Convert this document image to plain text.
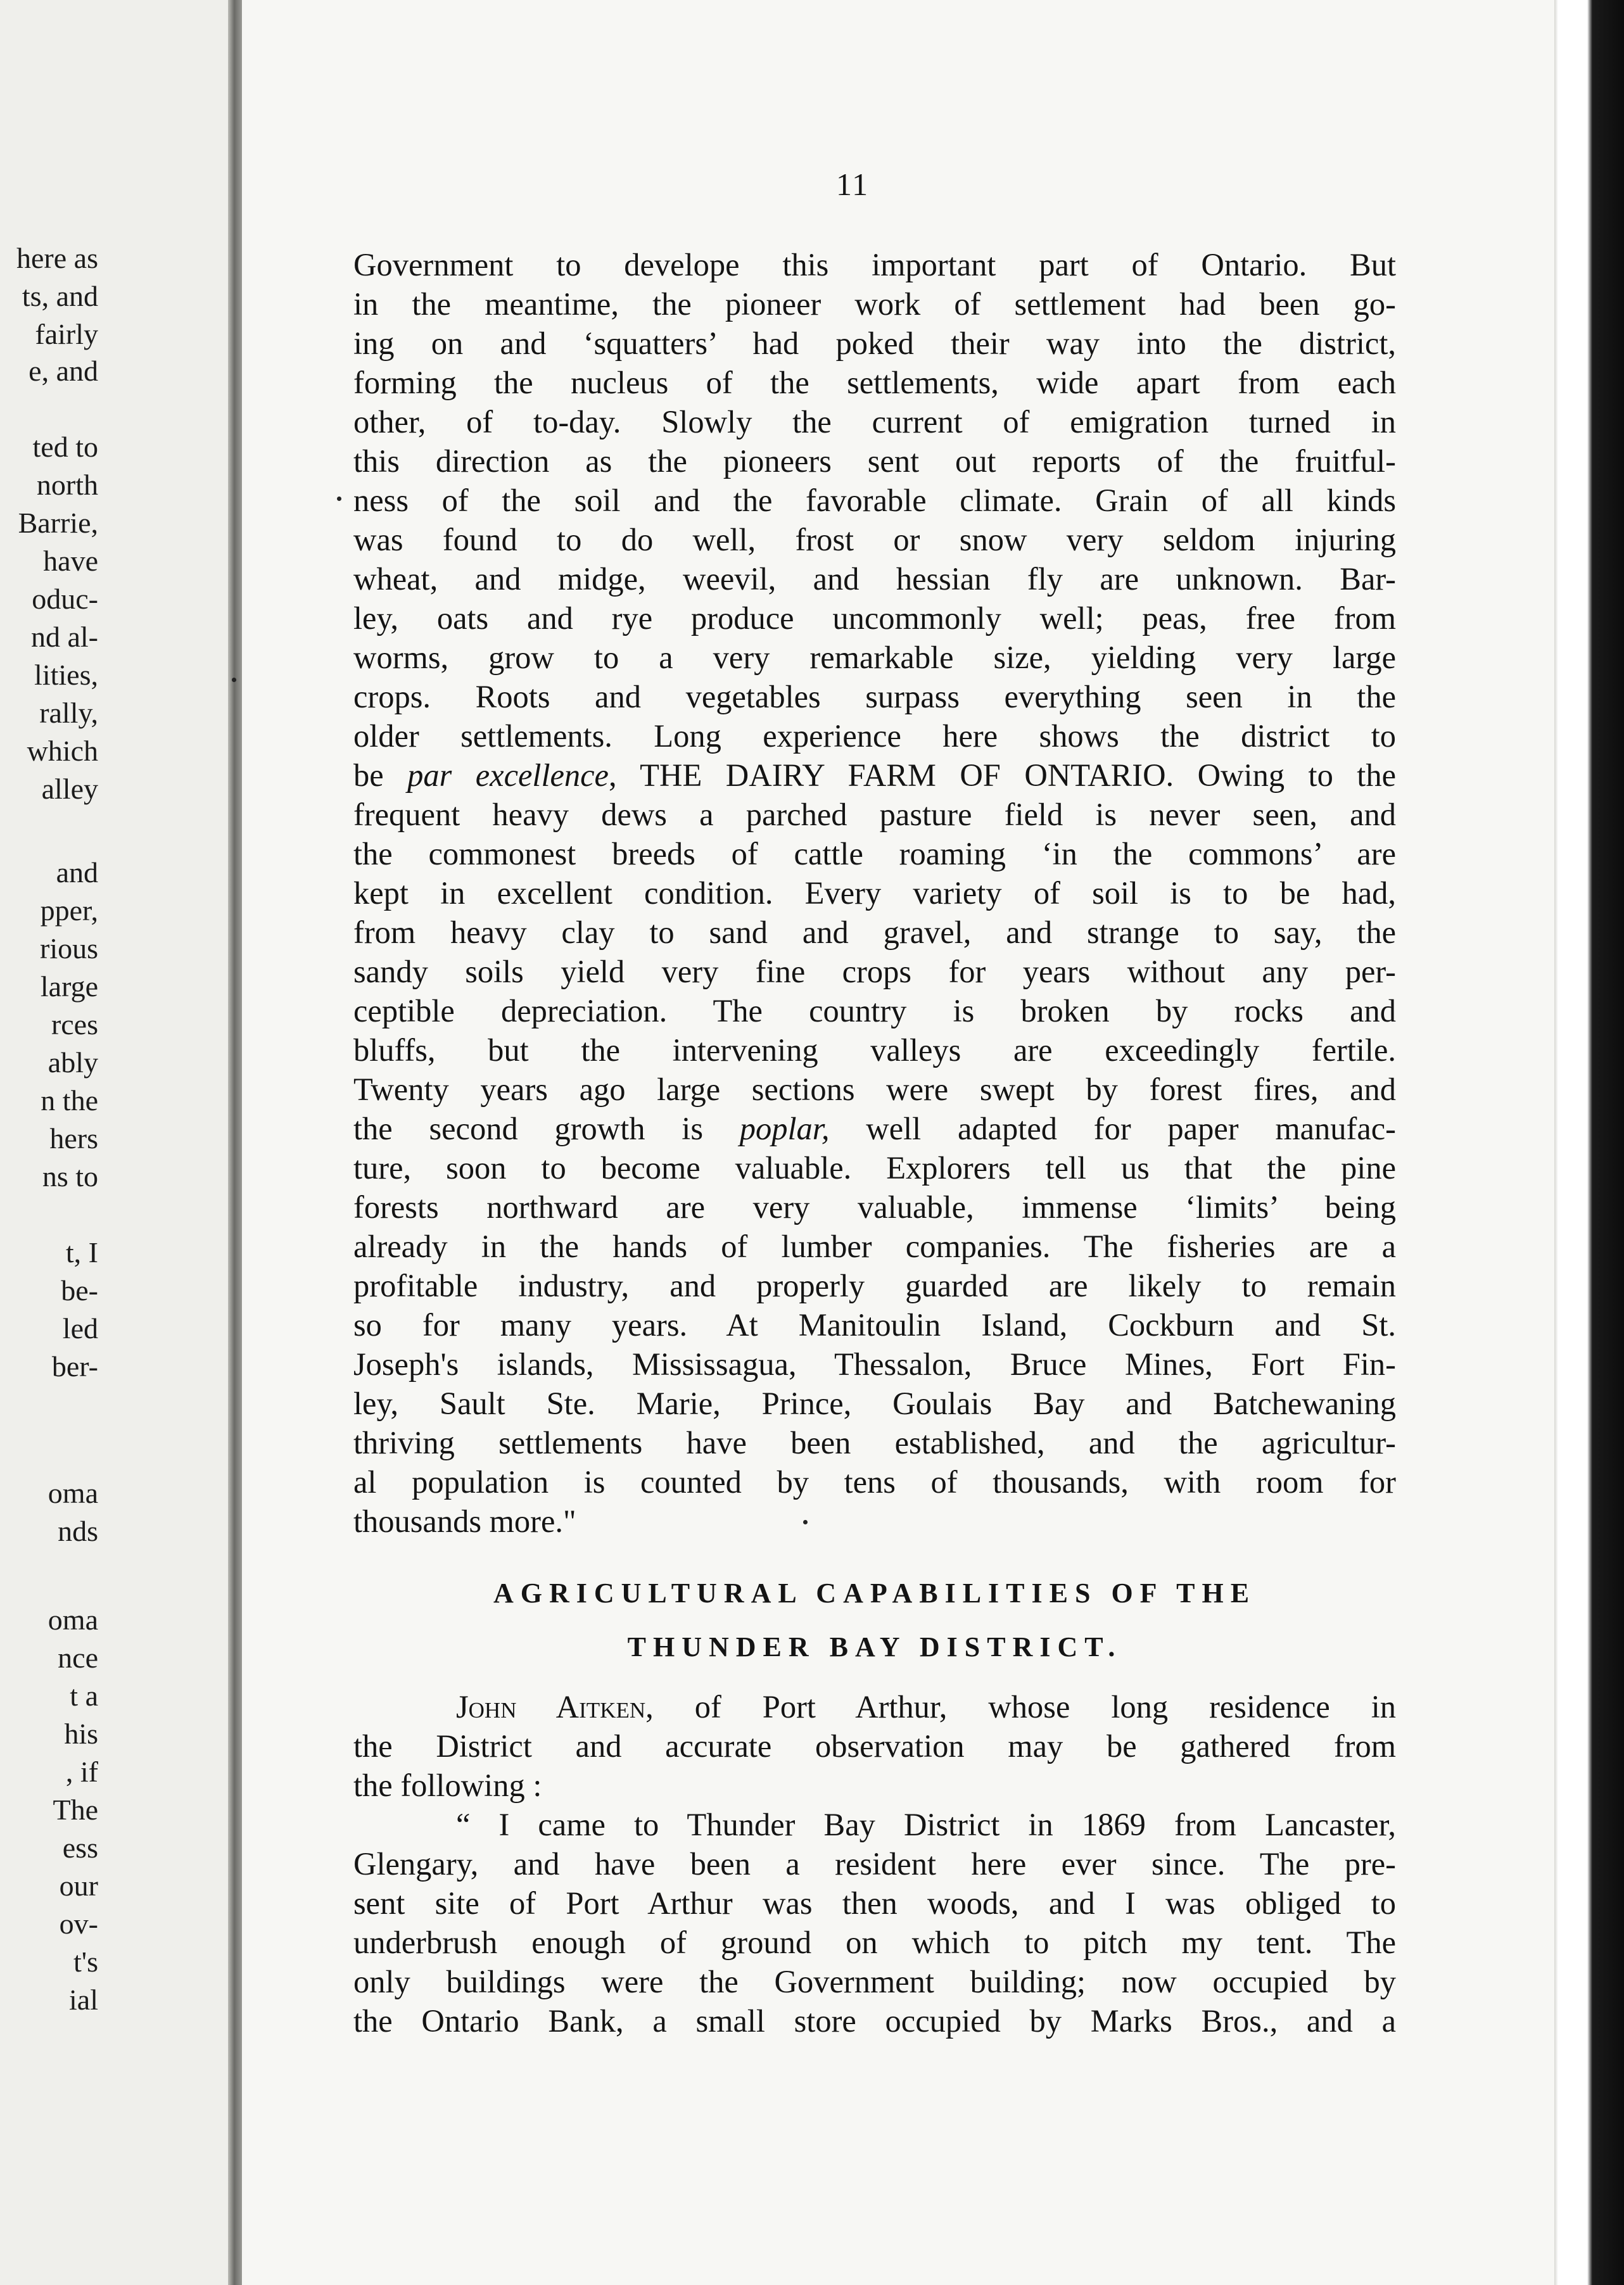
here as
ts, and
fairly
e, and
ted to
north
Barrie,
have
oduc-
nd al-
lities,
rally,
which
alley
and
pper,
rious
large
rces
ably
n the
hers
ns to
t, I
be-
led
ber-
oma
nds
oma
nce
t a
his
, if
The
ess
our
ov-
t's
ial
11
Government to develope this important part of Ontario. But
in the meantime, the pioneer work of settlement had been go-
ing on and ‘squatters’ had poked their way into the district,
forming the nucleus of the settlements, wide apart from each
other, of to-day. Slowly the current of emigration turned in
this direction as the pioneers sent out reports of the fruitful-
ness of the soil and the favorable climate. Grain of all kinds
was found to do well, frost or snow very seldom injuring
wheat, and midge, weevil, and hessian fly are unknown. Bar-
ley, oats and rye produce uncommonly well; peas, free from
worms, grow to a very remarkable size, yielding very large
crops. Roots and vegetables surpass everything seen in the
older settlements. Long experience here shows the district to
be par excellence, THE DAIRY FARM OF ONTARIO. Owing to the
frequent heavy dews a parched pasture field is never seen, and
the commonest breeds of cattle roaming ‘in the commons’ are
kept in excellent condition. Every variety of soil is to be had,
from heavy clay to sand and gravel, and strange to say, the
sandy soils yield very fine crops for years without any per-
ceptible depreciation. The country is broken by rocks and
bluffs, but the intervening valleys are exceedingly fertile.
Twenty years ago large sections were swept by forest fires, and
the second growth is poplar, well adapted for paper manufac-
ture, soon to become valuable. Explorers tell us that the pine
forests northward are very valuable, immense ‘limits’ being
already in the hands of lumber companies. The fisheries are a
profitable industry, and properly guarded are likely to remain
so for many years. At Manitoulin Island, Cockburn and St.
Joseph's islands, Mississagua, Thessalon, Bruce Mines, Fort Fin-
ley, Sault Ste. Marie, Prince, Goulais Bay and Batchewaning
thriving settlements have been established, and the agricultur-
al population is counted by tens of thousands, with room for
thousands more."
AGRICULTURAL CAPABILITIES OF THE
THUNDER BAY DISTRICT.
John Aitken, of Port Arthur, whose long residence in
the District and accurate observation may be gathered from
the following :
“ I came to Thunder Bay District in 1869 from Lancaster,
Glengary, and have been a resident here ever since. The pre-
sent site of Port Arthur was then woods, and I was obliged to
underbrush enough of ground on which to pitch my tent. The
only buildings were the Government building; now occupied by
the Ontario Bank, a small store occupied by Marks Bros., and a
